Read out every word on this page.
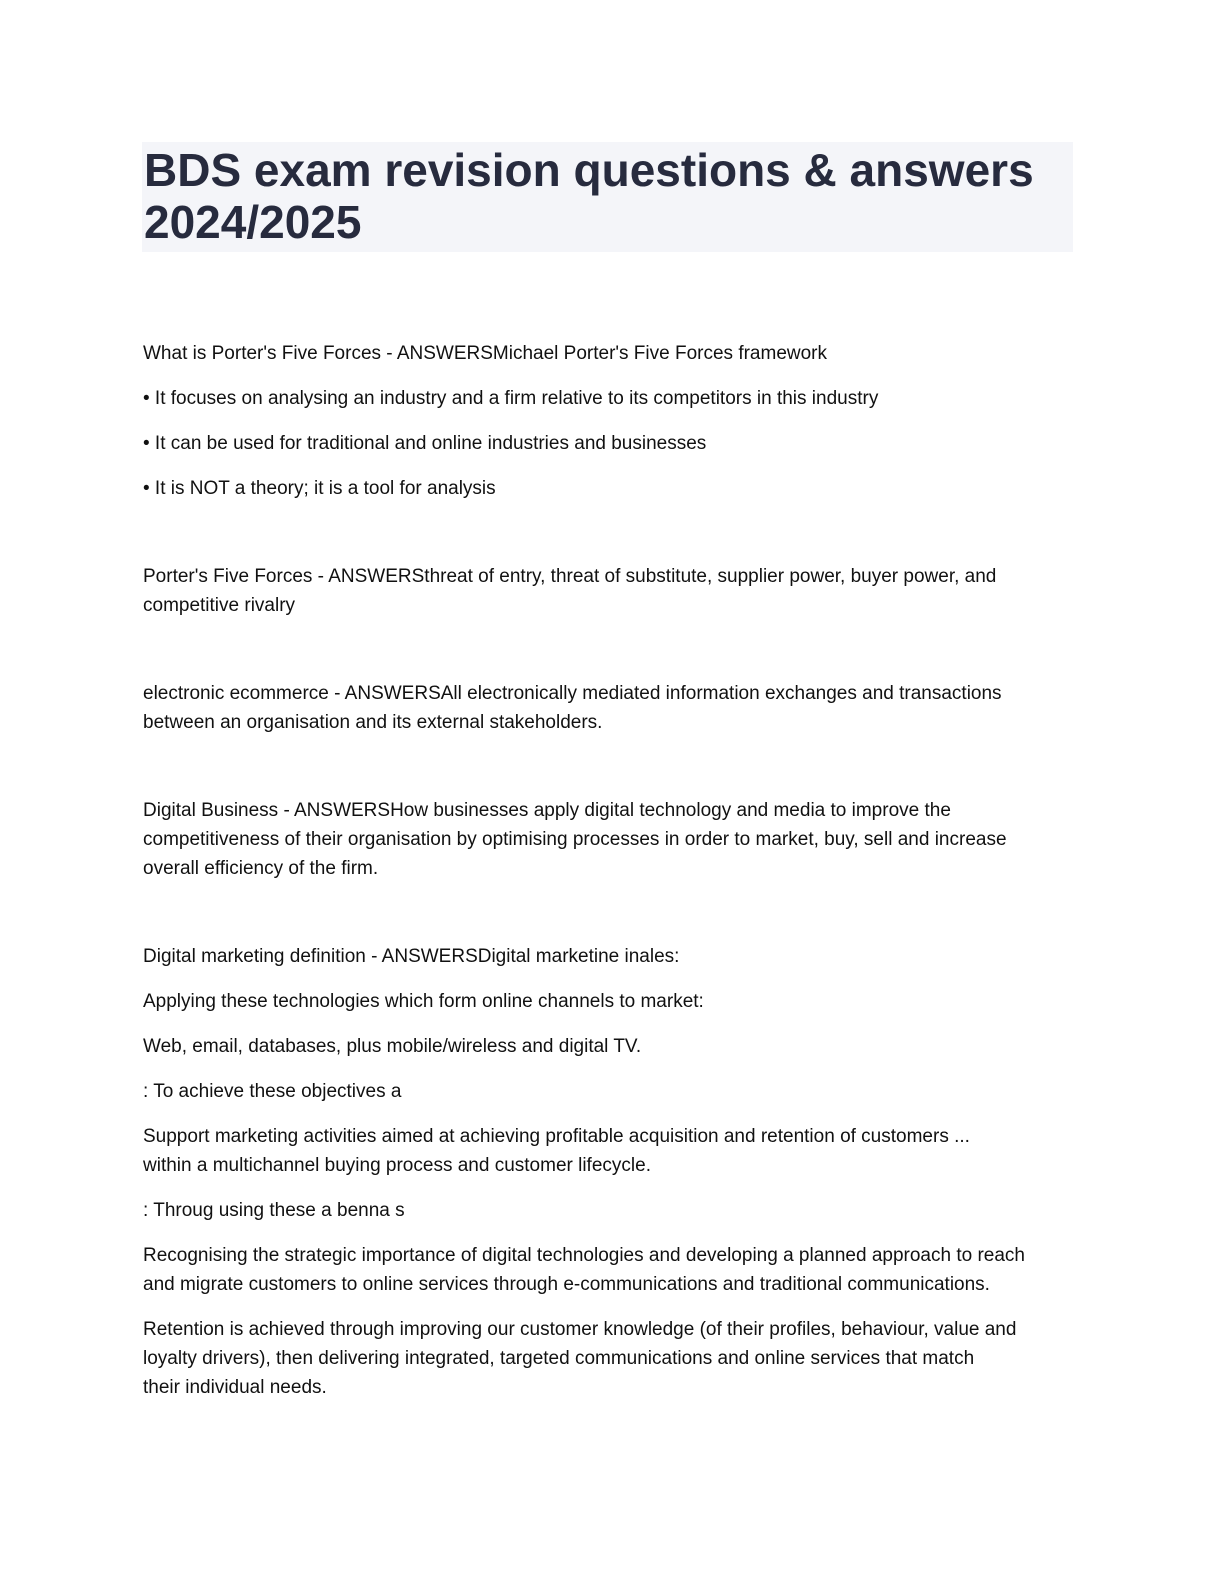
BDS exam revision questions & answers
2024/2025

What is Porter's Five Forces - ANSWERSMichael Porter's Five Forces framework

• It focuses on analysing an industry and a firm relative to its competitors in this industry

• It can be used for traditional and online industries and businesses

• It is NOT a theory; it is a tool for analysis

Porter's Five Forces - ANSWERSthreat of entry, threat of substitute, supplier power, buyer power, and
competitive rivalry

electronic ecommerce - ANSWERSAll electronically mediated information exchanges and transactions
between an organisation and its external stakeholders.

Digital Business - ANSWERSHow businesses apply digital technology and media to improve the
competitiveness of their organisation by optimising processes in order to market, buy, sell and increase
overall efficiency of the firm.

Digital marketing definition - ANSWERSDigital marketine inales:

Applying these technologies which form online channels to market:

Web, email, databases, plus mobile/wireless and digital TV.

: To achieve these objectives a

Support marketing activities aimed at achieving profitable acquisition and retention of customers ...
within a multichannel buying process and customer lifecycle.

: Throug using these a benna s

Recognising the strategic importance of digital technologies and developing a planned approach to reach
and migrate customers to online services through e-communications and traditional communications.

Retention is achieved through improving our customer knowledge (of their profiles, behaviour, value and
loyalty drivers), then delivering integrated, targeted communications and online services that match
their individual needs.
